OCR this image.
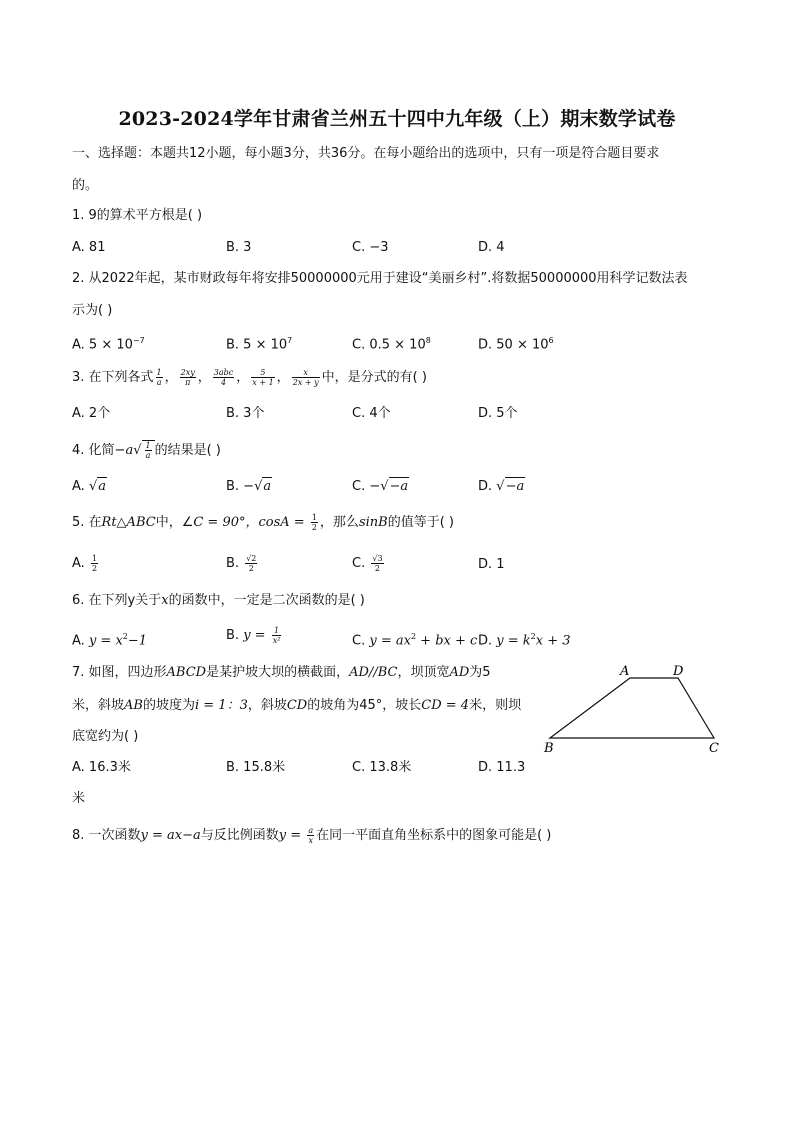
2023-2024学年甘肃省兰州五十四中九年级（上）期末数学试卷
一、选择题：本题共12小题，每小题3分，共36分。在每小题给出的选项中，只有一项是符合题目要求
的。
1. 9的算术平方根是( )
A. 81	B. 3	C. −3	D. 4
2. 从2022年起，某市财政每年将安排50000000元用于建设“美丽乡村”.将数据50000000用科学记数法表
示为( )
A. $5 \times 10^{-7}$	B. $5 \times 10^7$	C. $0.5 \times 10^8$	D. $50 \times 10^6$
3. 在下列各式 $\frac{1}{a}$ ， $\frac{2xy}{\pi}$ ， $\frac{\text{3abc}}{4}$ ， $\frac{5}{x + 1}$ ， $\frac{x}{2x + y}$ 中，是分式的有( )
A. 2个	B. 3个	C. 4个	D. 5个
4. 化简$-a√ \frac{1}{a}$ 的结果是( )
A. √a	B. −√a	C. −√−a	D. √−a
5. 在Rt△ABC中，∠C = 90°，$\cos A = \frac{1}{2}$ ，那么sinB的值等于( )
A. $\frac{1}{2}$	B. $\frac{√2}{2}$	C. $\frac{√3}{2}$	D. 1
6. 在下列y关于x的函数中，一定是二次函数的是( )
A. $y = x^2-1$	B. $y = \frac{1}{\text{x²}}$	C. $y = ax^2$ + bx + c D. $y = k^2x + 3$
7. 如图，四边形ABCD是某护坡大坝的横截面，AD//BC，坝顶宽AD为5
米，斜坡AB的坡度为i = 1：3，斜坡CD的坡角为45°，坡长CD = 4米，则坝
底宽约为( )
A. 16.3米	B. 15.8米	C. 13.8米	D. 11.3
米
A	D
B	C
8. 一次函数y = ax−a与反比例函数$y = \frac{a}{x}$ 在同一平面直角坐标系中的图象可能是( )
